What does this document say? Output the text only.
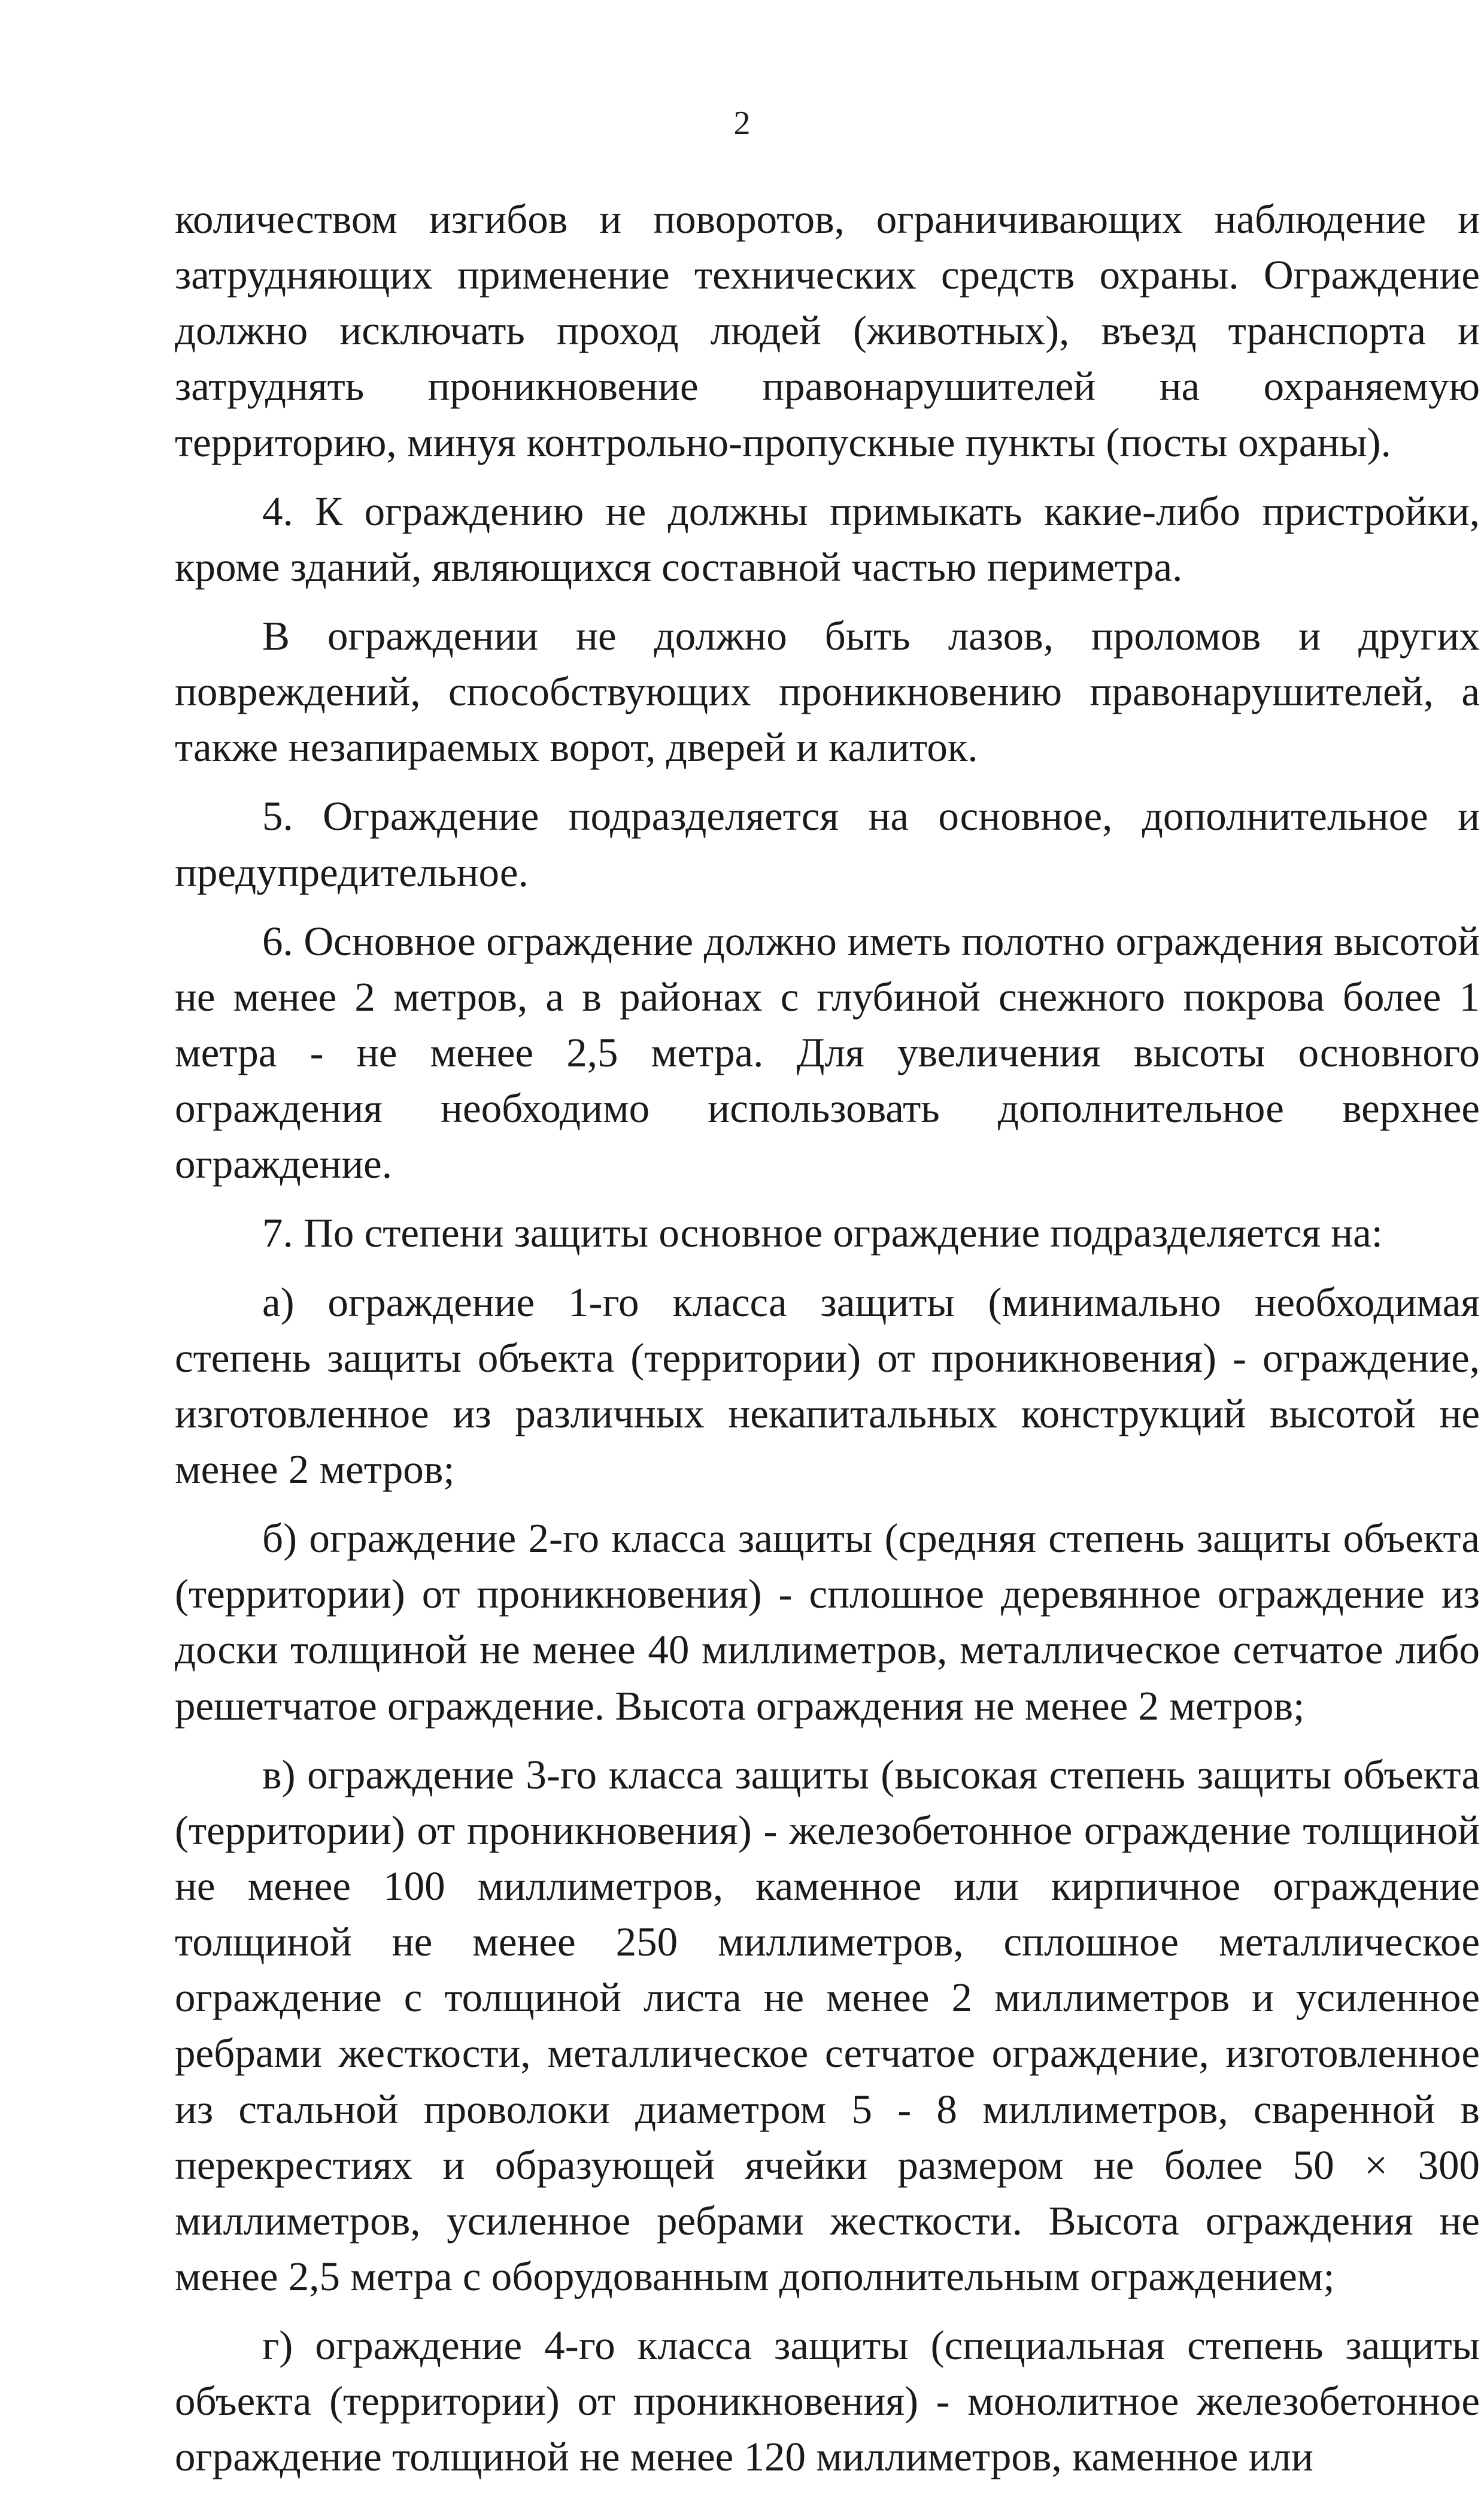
2

количеством изгибов и поворотов, ограничивающих наблюдение и затрудняющих применение технических средств охраны. Ограждение должно исключать проход людей (животных), въезд транспорта и затруднять проникновение правонарушителей на охраняемую территорию, минуя контрольно-пропускные пункты (посты охраны).

4. К ограждению не должны примыкать какие-либо пристройки, кроме зданий, являющихся составной частью периметра.

В ограждении не должно быть лазов, проломов и других повреждений, способствующих проникновению правонарушителей, а также незапираемых ворот, дверей и калиток.

5. Ограждение подразделяется на основное, дополнительное и предупредительное.

6. Основное ограждение должно иметь полотно ограждения высотой не менее 2 метров, а в районах с глубиной снежного покрова более 1 метра - не менее 2,5 метра. Для увеличения высоты основного ограждения необходимо использовать дополнительное верхнее ограждение.

7. По степени защиты основное ограждение подразделяется на:

а) ограждение 1-го класса защиты (минимально необходимая степень защиты объекта (территории) от проникновения) - ограждение, изготовленное из различных некапитальных конструкций высотой не менее 2 метров;

б) ограждение 2-го класса защиты (средняя степень защиты объекта (территории) от проникновения) - сплошное деревянное ограждение из доски толщиной не менее 40 миллиметров, металлическое сетчатое либо решетчатое ограждение. Высота ограждения не менее 2 метров;

в) ограждение 3-го класса защиты (высокая степень защиты объекта (территории) от проникновения) - железобетонное ограждение толщиной не менее 100 миллиметров, каменное или кирпичное ограждение толщиной не менее 250 миллиметров, сплошное металлическое ограждение с толщиной листа не менее 2 миллиметров и усиленное ребрами жесткости, металлическое сетчатое ограждение, изготовленное из стальной проволоки диаметром 5 - 8 миллиметров, сваренной в перекрестиях и образующей ячейки размером не более 50 × 300 миллиметров, усиленное ребрами жесткости. Высота ограждения не менее 2,5 метра с оборудованным дополнительным ограждением;

г) ограждение 4-го класса защиты (специальная степень защиты объекта (территории) от проникновения) - монолитное железобетонное ограждение толщиной не менее 120 миллиметров, каменное или
